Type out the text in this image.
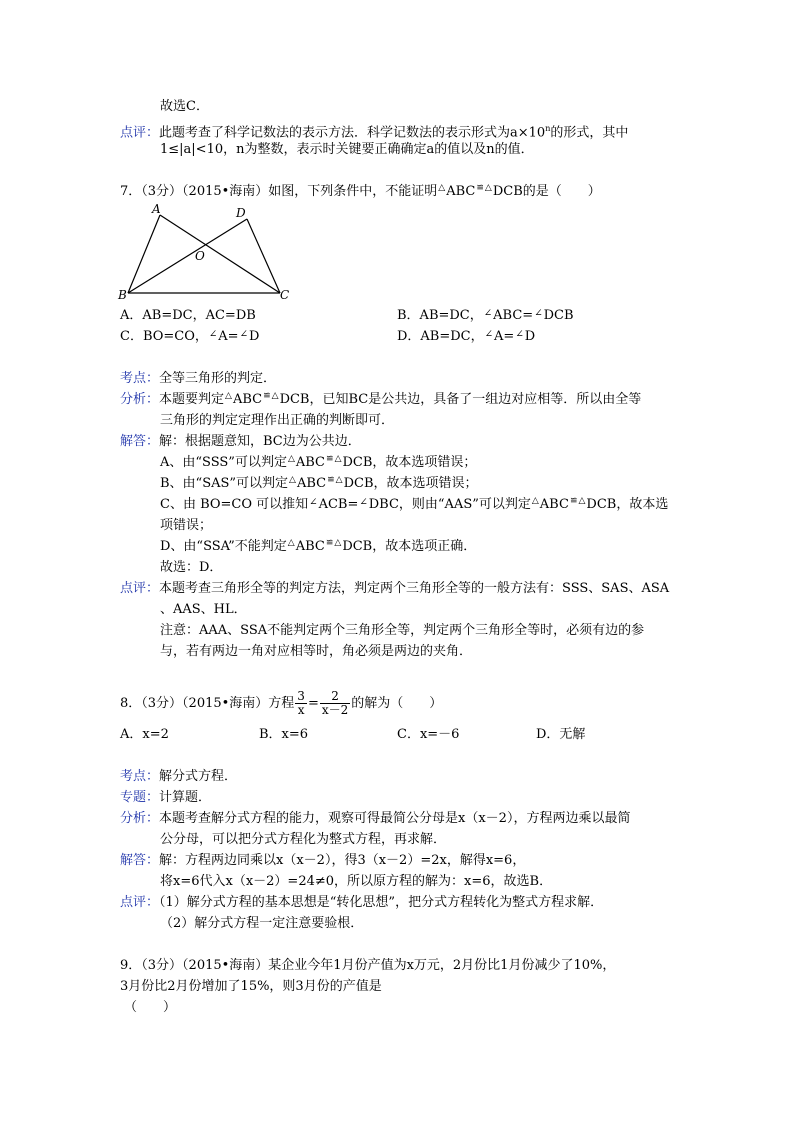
故选C．
点评：此题考查了科学记数法的表示方法．科学记数法的表示形式为$a\times 10^n$的形式，其中
1≤|a|<10，n为整数，表示时关键要正确确定a的值以及n的值．
7．（3分）（2015•海南）如图，下列条件中，不能证明△ABC≌ △DCB的是（　　）
A	D
O
B	C
A．AB=DC，AC=DB	B．AB=DC，∠ABC=∠DCB
C．BO=CO，∠A=∠D	D．AB=DC，∠A=∠D
考点：全等三角形的判定．
分析：本题要判定△ABC≌ △DCB，已知BC是公共边，具备了一组边对应相等．所以由全等
三角形的判定定理作出正确的判断即可．
解答：解：根据题意知，BC边为公共边．
A、由“SSS”可以判定△ABC≌ △DCB，故本选项错误；
B、由“SAS”可以判定△ABC≌ △DCB，故本选项错误；
C、由 BO=CO 可以推知∠ACB=∠DBC，则由“AAS”可以判定△ABC≌ △DCB，故本选
项错误；
D、由“SSA”不能判定△ABC≌ △DCB，故本选项正确．
故选：D．
点评：本题考查三角形全等的判定方法，判定两个三角形全等的一般方法有：SSS、SAS、ASA
、AAS、HL．
注意：AAA、SSA不能判定两个三角形全等，判定两个三角形全等时，必须有边的参
与，若有两边一角对应相等时，角必须是两边的夹角．
8．（3分）（2015•海南）方程 $\frac{3}{x} = \frac{2}{x-2}$ 的解为（　　）
A．x=2	B．x=6	C．x=－6	D．无解
考点：解分式方程．
专题：计算题．
分析：本题考查解分式方程的能力，观察可得最简公分母是x（x－2），方程两边乘以最简
公分母，可以把分式方程化为整式方程，再求解．
解答：解：方程两边同乘以x（x－2），得3（x－2）=2x，解得x=6，
将x=6代入x（x－2）=24≠0，所以原方程的解为：x=6，故选B．
点评：（1）解分式方程的基本思想是“转化思想”，把分式方程转化为整式方程求解．
（2）解分式方程一定注意要验根．
9．（3分）（2015•海南）某企业今年1月份产值为x万元，2月份比1月份减少了10%，
3月份比2月份增加了15%，则3月份的产值是
（　　）
